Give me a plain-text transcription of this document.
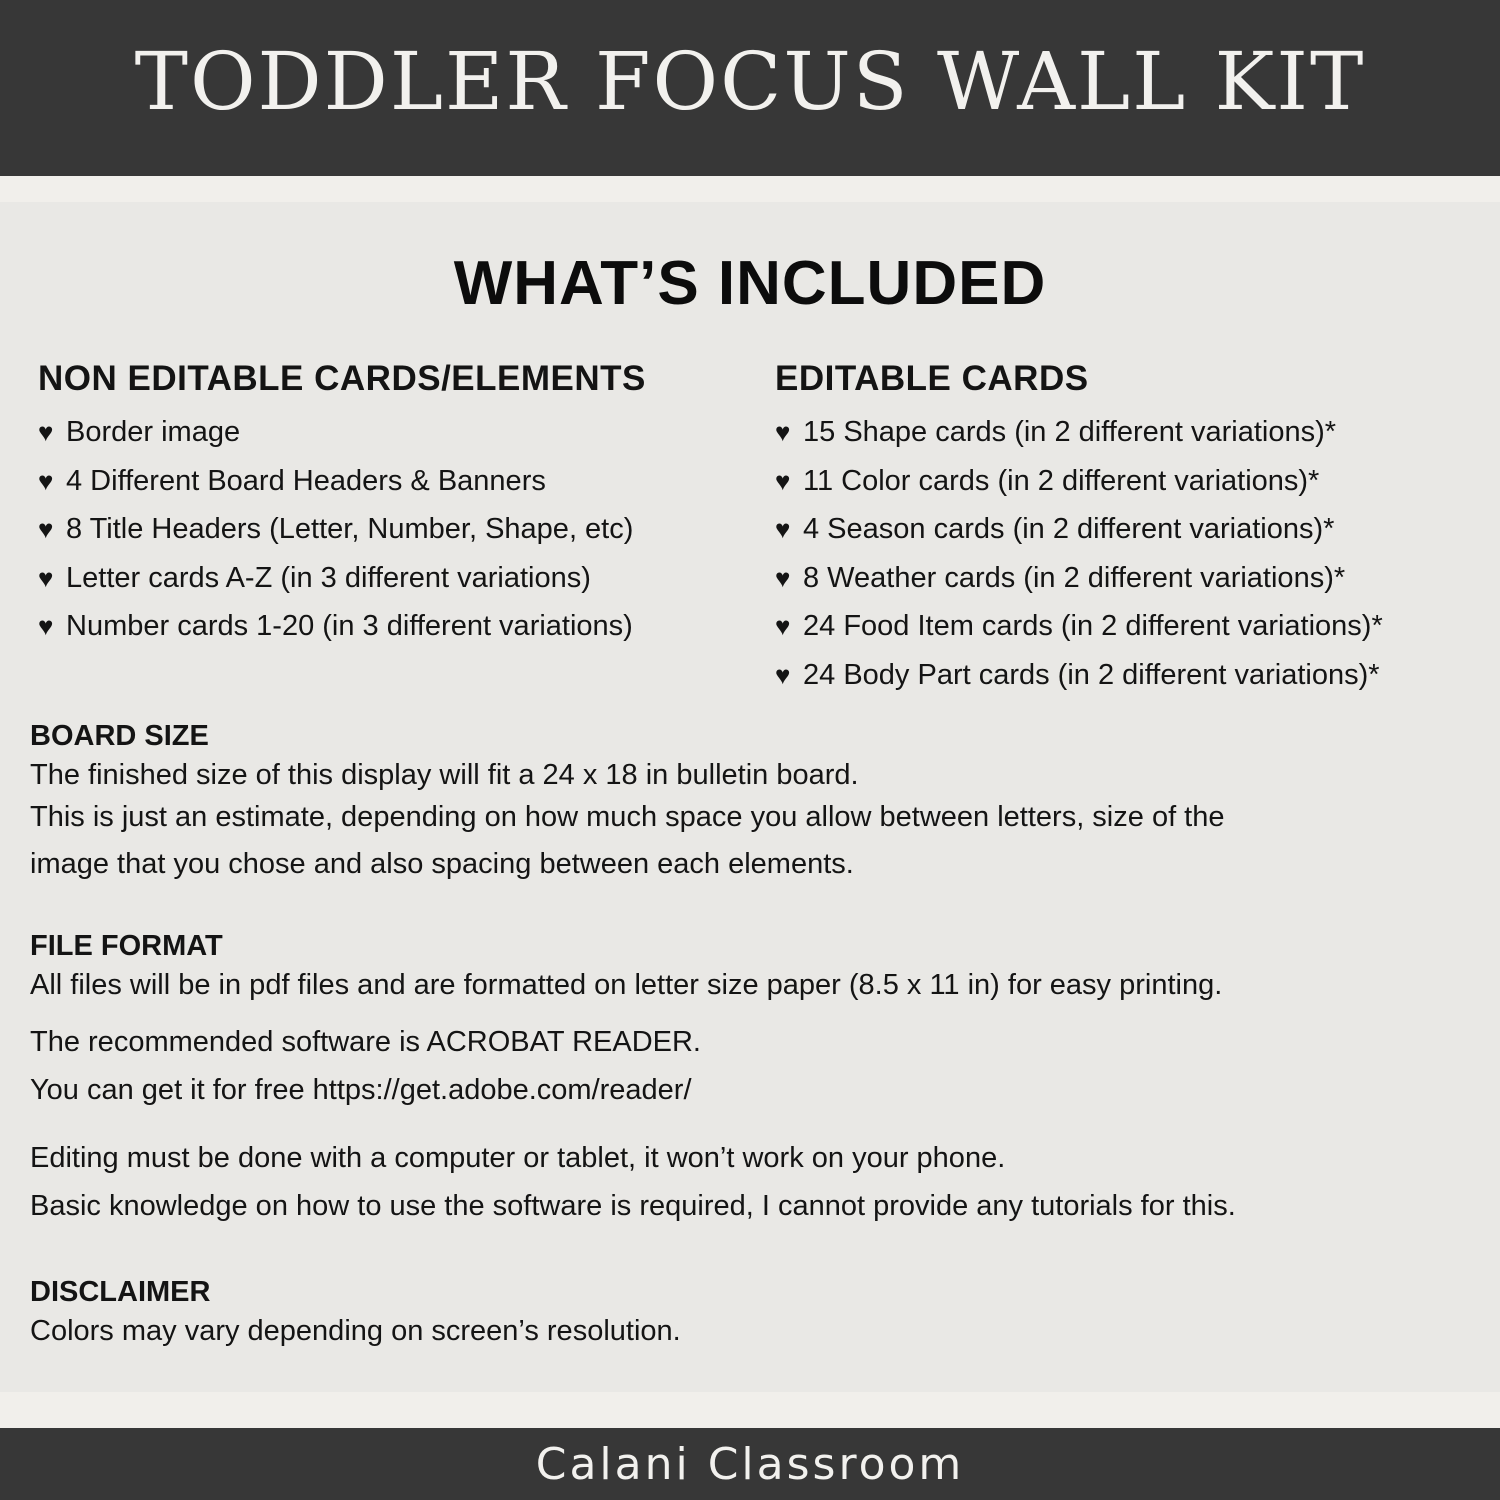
TODDLER FOCUS WALL KIT
WHAT’S INCLUDED
NON EDITABLE CARDS/ELEMENTS
♥ Border image
♥ 4 Different Board Headers & Banners
♥ 8 Title Headers (Letter, Number, Shape, etc)
♥ Letter cards A-Z (in 3 different variations)
♥ Number cards 1-20 (in 3 different variations)
EDITABLE CARDS
♥ 15 Shape cards (in 2 different variations)*
♥ 11 Color cards (in 2 different variations)*
♥ 4 Season cards (in 2 different variations)*
♥ 8 Weather cards (in 2 different variations)*
♥ 24 Food Item cards (in 2 different variations)*
♥ 24 Body Part cards (in 2 different variations)*
BOARD SIZE
The finished size of this display will fit a 24 x 18 in bulletin board.
This is just an estimate, depending on how much space you allow between letters, size of the
image that you chose and also spacing between each elements.
FILE FORMAT
All files will be in pdf files and are formatted on letter size paper (8.5 x 11 in) for easy printing.
The recommended software is ACROBAT READER.
You can get it for free https://get.adobe.com/reader/
Editing must be done with a computer or tablet, it won’t work on your phone.
Basic knowledge on how to use the software is required, I cannot provide any tutorials for this.
DISCLAIMER
Colors may vary depending on screen’s resolution.
Calani Classroom
